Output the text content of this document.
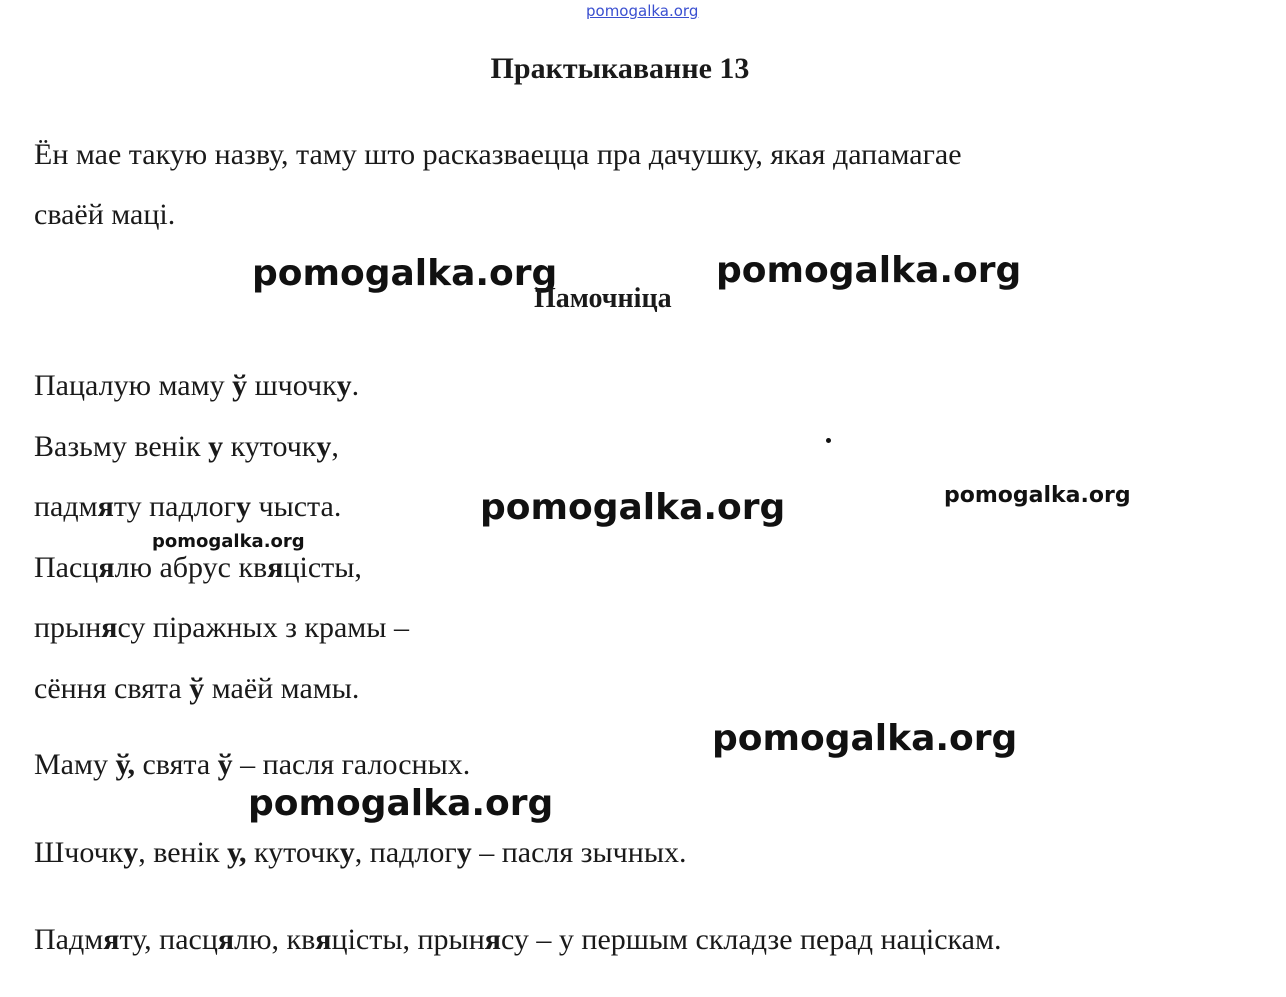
pomogalka.org
Практыкаванне 13
Ён мае такую назву, таму што расказваецца пра дачушку, якая дапамагае
сваёй маці.
pomogalka.org	pomogalka.org
Памочніца
Пацалую маму ў шчочку.
Вазьму венік у куточку,
падмяту падлогу чыста.
Пасцялю абрус квяцісты,
прынясу піражных з крамы –
сёння свята ў маёй мамы.
pomogalka.org	pomogalka.org
pomogalka.org
pomogalka.org
Маму ў, свята ў – пасля галосных.
pomogalka.org
Шчочку, венік у, куточку, падлогу – пасля зычных.
Падмяту, пасцялю, квяцісты, прынясу – у першым складзе перад націскам.
